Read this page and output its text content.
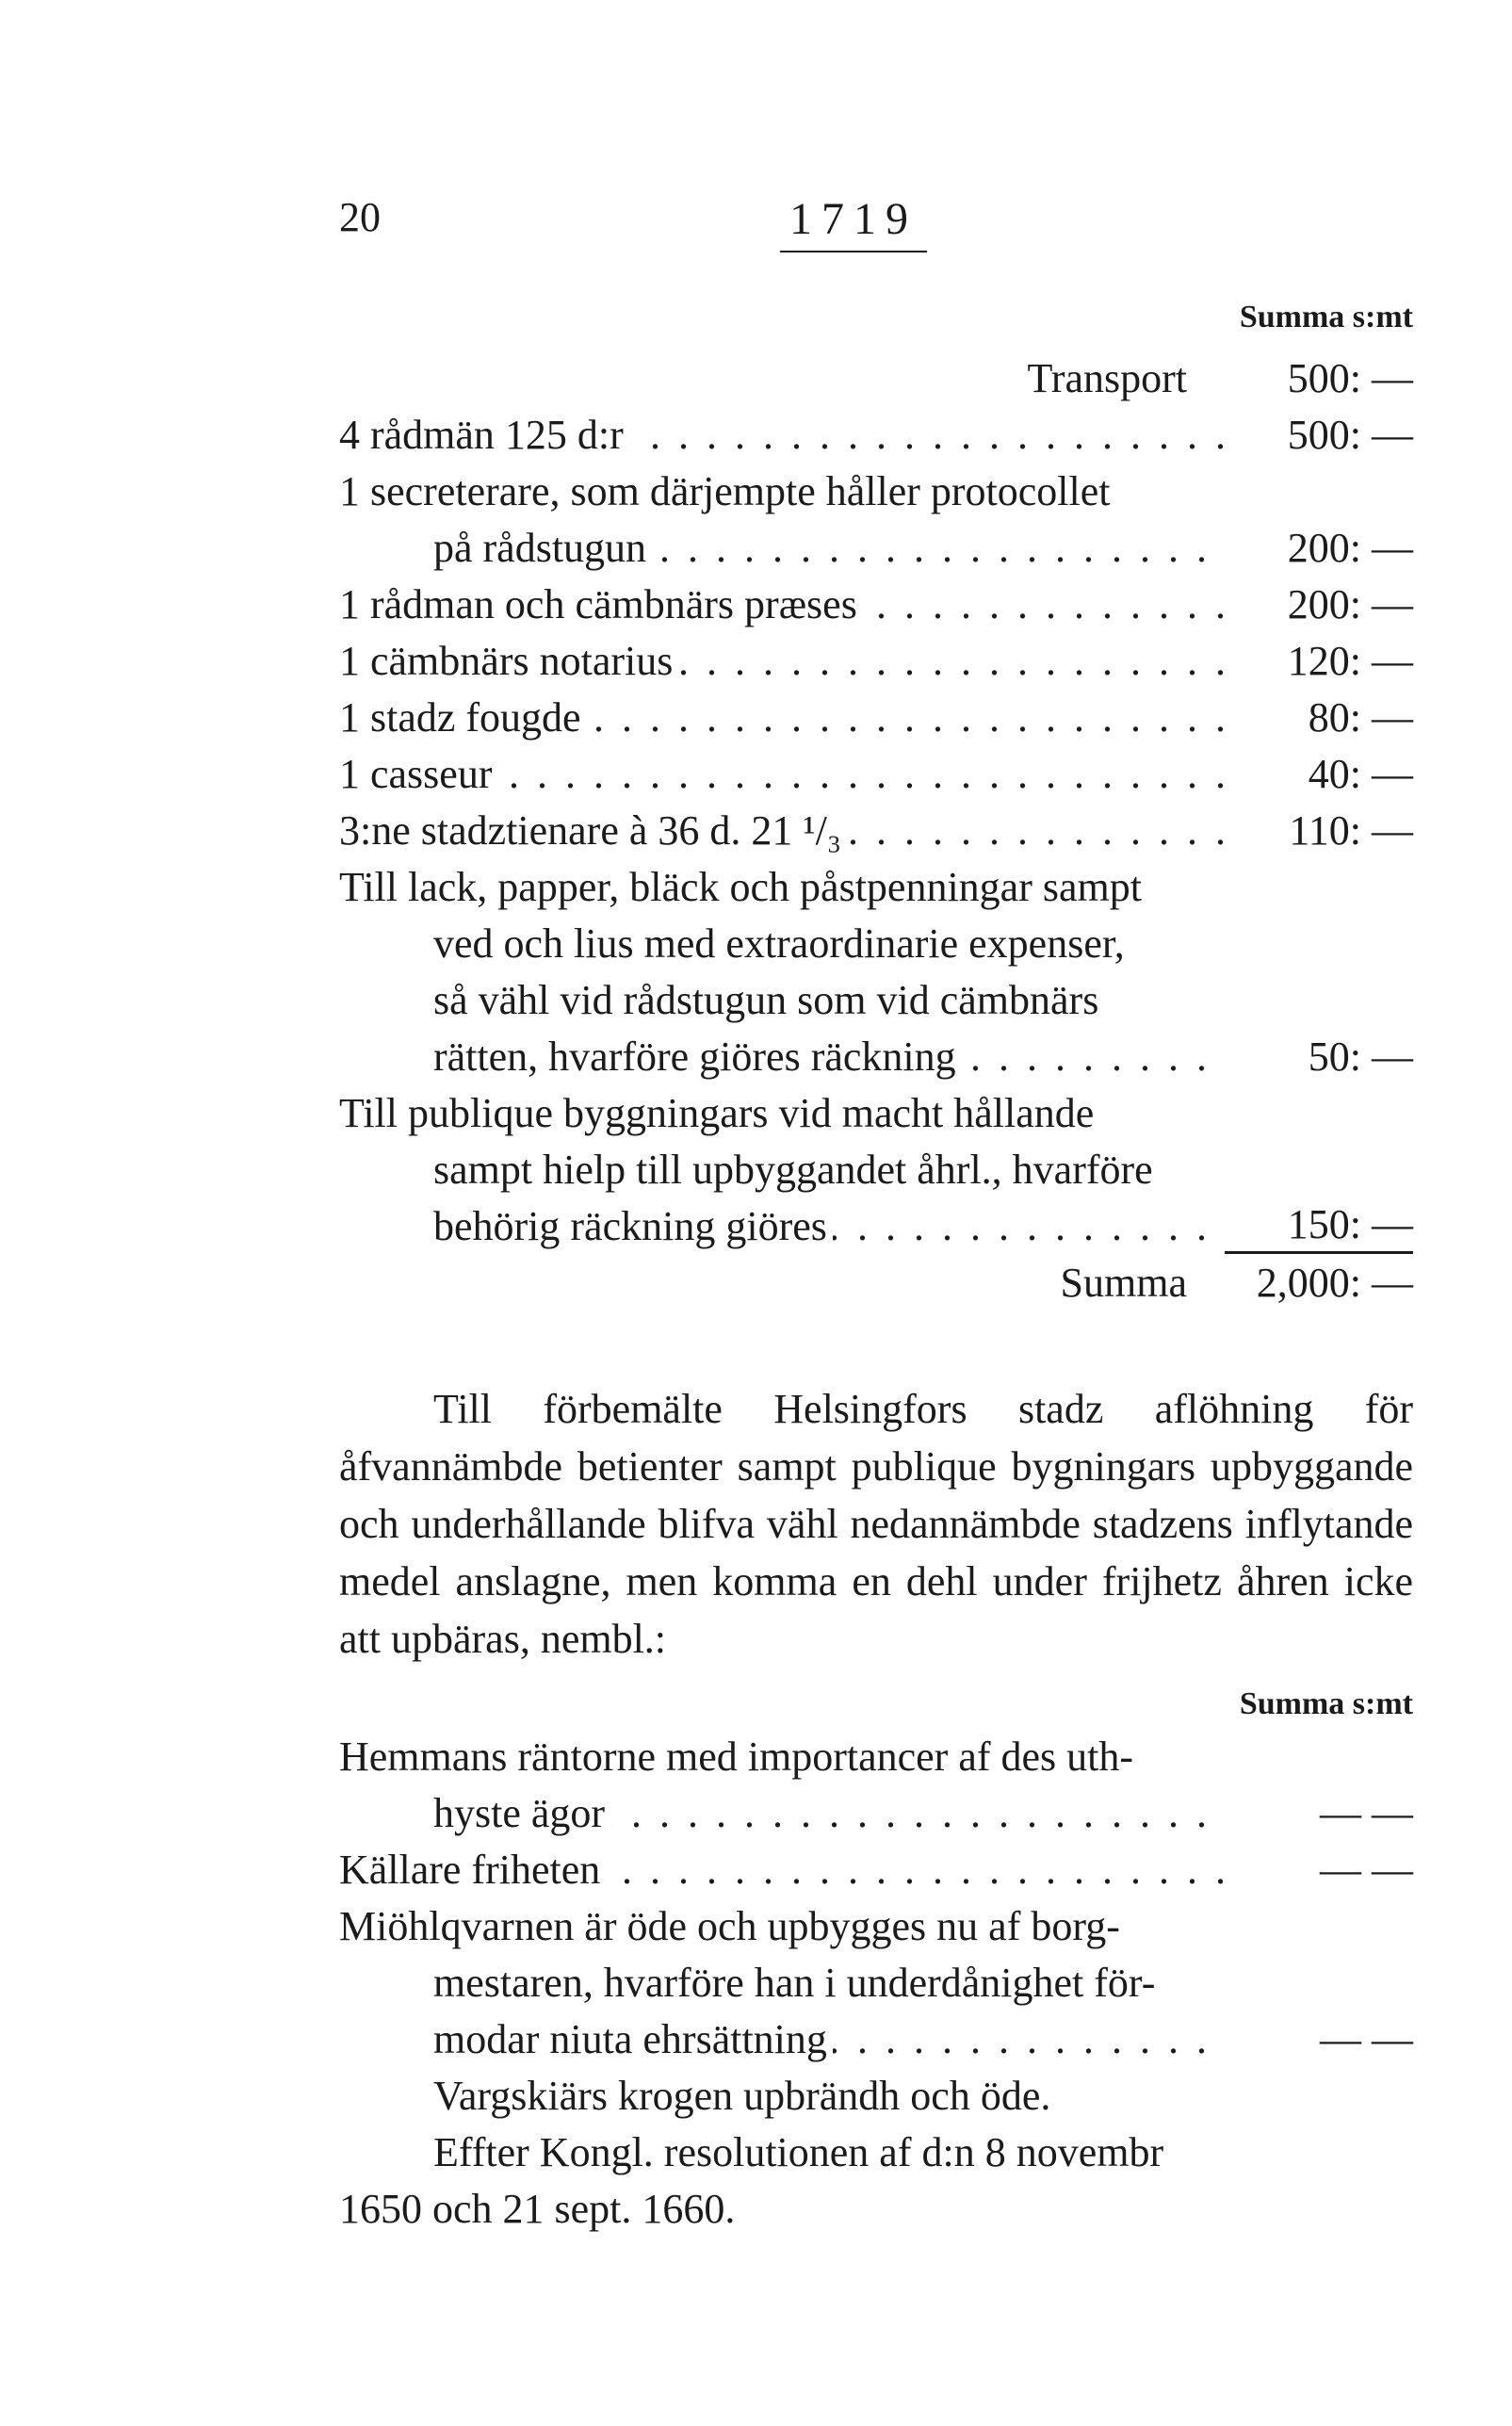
20	1719
Summa s:mt
Transport	500: —
4 rådmän 125 d:r . . .	500: —
1 secreterare, som därjempte håller protocollet
på rådstugun . . .	200: —
1 rådman och cämbnärs præses . . .	200: —
1 cämbnärs notarius . . .	120: —
1 stadz fougde . . .	80: —
1 casseur . . .	40: —
3:ne stadztienare à 36 d. 21 ¹/₃ . . .	110: —
Till lack, papper, bläck och påstpenningar sampt
ved och lius med extraordinarie expenser,
så vähl vid rådstugun som vid cämbnärs
rätten, hvarföre giöres räckning . . .	50: —
Till publique byggningars vid macht hållande
sampt hielp till upbyggandet åhrl., hvarföre
behörig räckning giöres . . .	150: —
Summa	2,000: —
Till förbemälte Helsingfors stadz aflöhning för åfvannämbde betienter sampt publique bygningars upbyggande och underhållande blifva vähl nedannämbde stadzens inflytande medel anslagne, men komma en dehl under frijhetz åhren icke att upbäras, nembl.:
Summa s:mt
Hemmans räntorne med importancer af des uth-
hyste ägor . . .	— —
Källare friheten . . .	— —
Miöhlqvarnen är öde och upbygges nu af borg-
mestaren, hvarföre han i underdånighet för-
modar niuta ehrsättning . . .	— —
Vargskiärs krogen upbrändh och öde.
Effter Kongl. resolutionen af d:n 8 novembr
1650 och 21 sept. 1660.
